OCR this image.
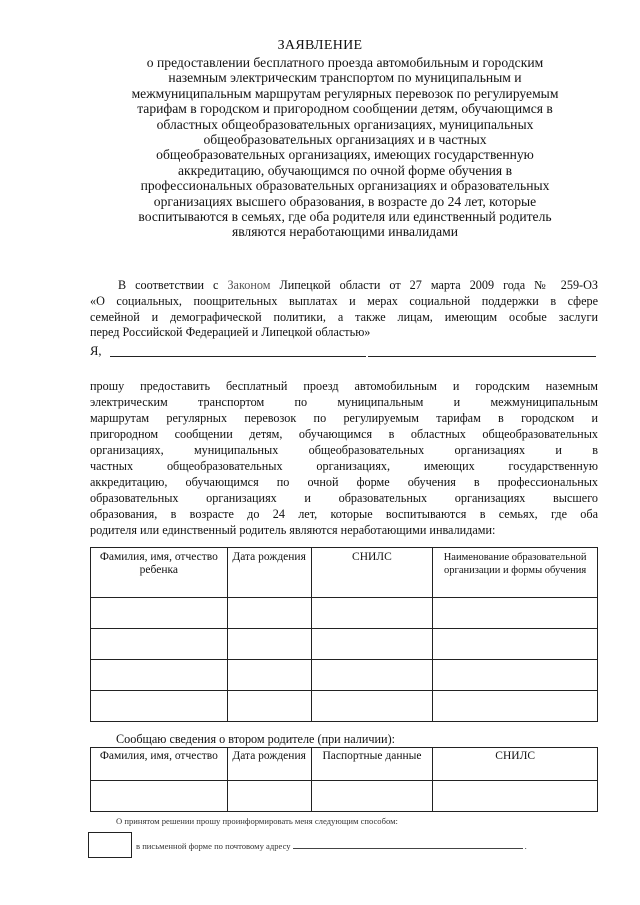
ЗАЯВЛЕНИЕ
о предоставлении бесплатного проезда автомобильным и городским
наземным электрическим транспортом по муниципальным и
межмуниципальным маршрутам регулярных перевозок по регулируемым
тарифам в городском и пригородном сообщении детям, обучающимся в
областных общеобразовательных организациях, муниципальных
общеобразовательных организациях и в частных
общеобразовательных организациях, имеющих государственную
аккредитацию, обучающимся по очной форме обучения в
профессиональных образовательных организациях и образовательных
организациях высшего образования, в возрасте до 24 лет, которые
воспитываются в семьях, где оба родителя или единственный родитель
являются неработающими инвалидами
В соответствии с Законом Липецкой области от 27 марта 2009 года № 259-ОЗ
«О социальных, поощрительных выплатах и мерах социальной поддержки в сфере
семейной и демографической политики, а также лицам, имеющим особые заслуги
перед Российской Федерацией и Липецкой областью»
Я,
прошу предоставить бесплатный проезд автомобильным и городским наземным
электрическим транспортом по муниципальным и межмуниципальным
маршрутам регулярных перевозок по регулируемым тарифам в городском и
пригородном сообщении детям, обучающимся в областных общеобразовательных
организациях, муниципальных общеобразовательных организациях и в
частных общеобразовательных организациях, имеющих государственную
аккредитацию, обучающимся по очной форме обучения в профессиональных
образовательных организациях и образовательных организациях высшего
образования, в возрасте до 24 лет, которые воспитываются в семьях, где оба
родителя или единственный родитель являются неработающими инвалидами:
Фамилия, имя, отчество ребенка	Дата рождения	СНИЛС	Наименование образовательной организации и формы обучения

Сообщаю сведения о втором родителе (при наличии):
Фамилия, имя, отчество	Дата рождения	Паспортные данные	СНИЛС

О принятом решении прошу проинформировать меня следующим способом:
в письменной форме по почтовому адресу	.
